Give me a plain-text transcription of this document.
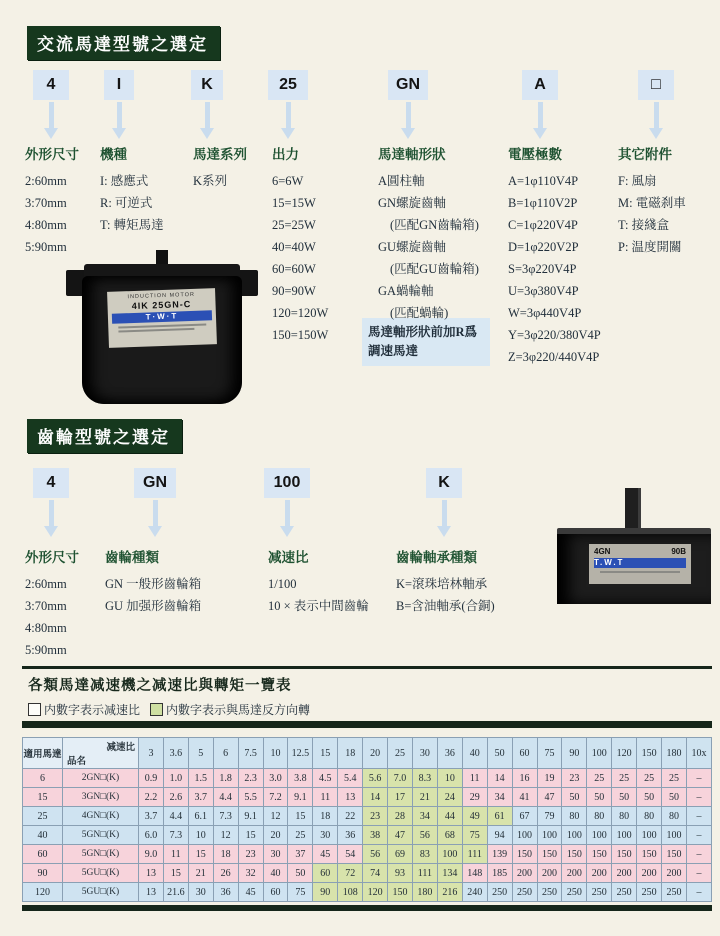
交流馬達型號之選定
馬達軸形狀前加R爲調速馬達
INDUCTION MOTOR
4IK 25GN-C
T·W·T
齒輪型號之選定
4GN	90B
T.W.T
各類馬達减速機之减速比與轉矩一覽表
内數字表示减速比 内數字表示與馬達反方向轉
適用馬達	减速比
品名	3	3.6	5	6	7.5	10	12.5	15	18	20	25	30	36	40	50	60	75	90	100	120	150	180	10x
6	2GN□(K)	0.9	1.0	1.5	1.8	2.3	3.0	3.8	4.5	5.4	5.6	7.0	8.3	10	11	14	16	19	23	25	25	25	25	–
15	3GN□(K)	2.2	2.6	3.7	4.4	5.5	7.2	9.1	11	13	14	17	21	24	29	34	41	47	50	50	50	50	50	–
25	4GN□(K)	3.7	4.4	6.1	7.3	9.1	12	15	18	22	23	28	34	44	49	61	67	79	80	80	80	80	80	–
40	5GN□(K)	6.0	7.3	10	12	15	20	25	30	36	38	47	56	68	75	94	100	100	100	100	100	100	100	–
60	5GN□(K)	9.0	11	15	18	23	30	37	45	54	56	69	83	100	111	139	150	150	150	150	150	150	150	–
90	5GU□(K)	13	15	21	26	32	40	50	60	72	74	93	111	134	148	185	200	200	200	200	200	200	200	–
120	5GU□(K)	13	21.6	30	36	45	60	75	90	108	120	150	180	216	240	250	250	250	250	250	250	250	250	–
4	I	K	25	GN	A	□
4	GN	100	K
外形尺寸
2:60mm
3:70mm
4:80mm
5:90mm
機種
I: 感應式
R: 可逆式
T: 轉矩馬達
馬達系列
K系列
出力
6=6W
15=15W
25=25W
40=40W
60=60W
90=90W
120=120W
150=150W
馬達軸形狀
A圓柱軸
GN螺旋齒軸
(匹配GN齒輪箱)
GU螺旋齒軸
(匹配GU齒輪箱)
GA蝸輪軸
(匹配蝸輪)
電壓極數
A=1φ110V4P
B=1φ110V2P
C=1φ220V4P
D=1φ220V2P
S=3φ220V4P
U=3φ380V4P
W=3φ440V4P
Y=3φ220/380V4P
Z=3φ220/440V4P
其它附件
F: 風扇
M: 電磁刹車
T: 接綫盒
P: 温度開關
外形尺寸
2:60mm
3:70mm
4:80mm
5:90mm
齒輪種類
GN 一般形齒輪箱
GU 加强形齒輪箱
减速比
1/100
10 × 表示中間齒輪
齒輪軸承種類
K=滾珠培林軸承
B=含油軸承(合銅)
